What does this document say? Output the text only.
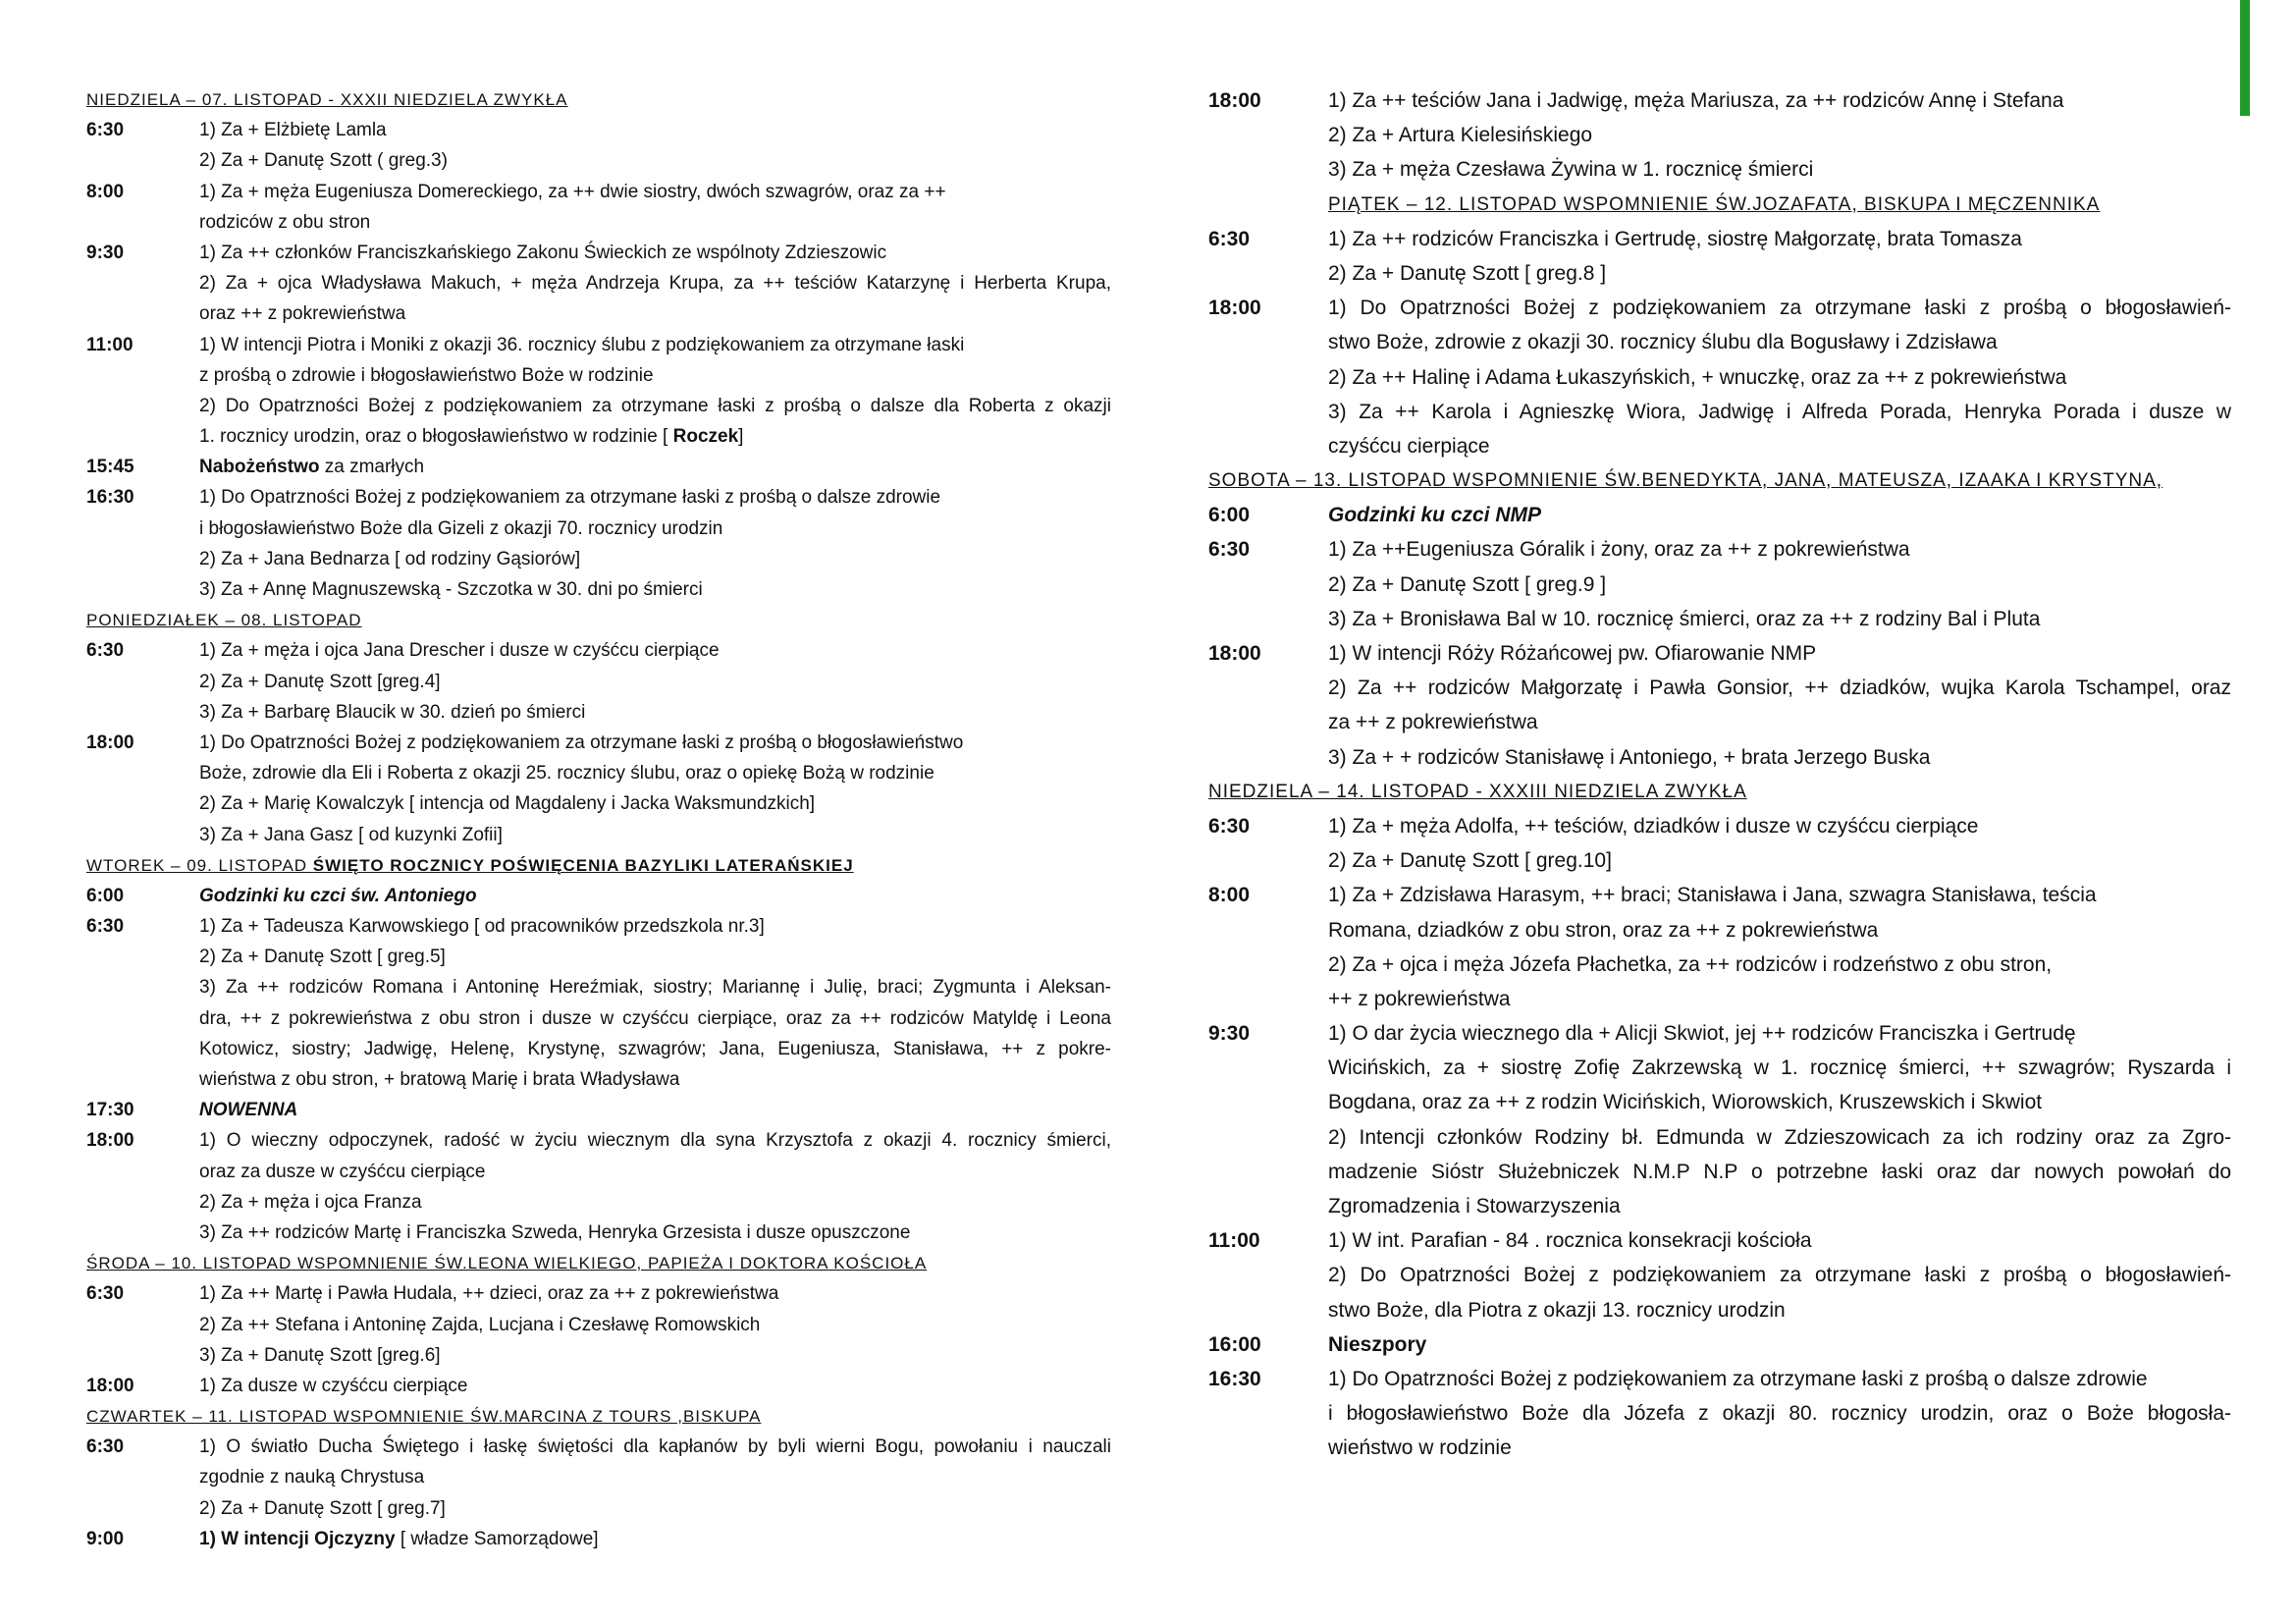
NIEDZIELA – 07. LISTOPAD - XXXII NIEDZIELA ZWYKŁA
6:30	1) Za + Elżbietę Lamla
2) Za + Danutę Szott ( greg.3)
8:00	1) Za + męża Eugeniusza Domereckiego, za ++ dwie siostry, dwóch szwagrów, oraz za ++
rodziców z obu stron
9:30	1) Za ++ członków Franciszkańskiego Zakonu Świeckich ze wspólnoty Zdzieszowic
2) Za + ojca Władysława Makuch, + męża Andrzeja Krupa, za ++ teściów Katarzynę i Herberta Krupa,
oraz ++ z pokrewieństwa
11:00	1) W intencji Piotra i Moniki z okazji 36. rocznicy ślubu z podziękowaniem za otrzymane łaski
z prośbą o zdrowie i błogosławieństwo Boże w rodzinie
2) Do Opatrzności Bożej z podziękowaniem za otrzymane łaski z prośbą o dalsze dla Roberta z okazji
1. rocznicy urodzin, oraz o błogosławieństwo w rodzinie [ Roczek]
15:45	Nabożeństwo za zmarłych
16:30	1) Do Opatrzności Bożej z podziękowaniem za otrzymane łaski z prośbą o dalsze zdrowie
i błogosławieństwo Boże dla Gizeli z okazji 70. rocznicy urodzin
2) Za + Jana Bednarza [ od rodziny Gąsiorów]
3) Za + Annę Magnuszewską - Szczotka w 30. dni po śmierci
PONIEDZIAŁEK – 08. LISTOPAD
6:30	1) Za + męża i ojca Jana Drescher i dusze w czyśćcu cierpiące
2) Za + Danutę Szott [greg.4]
3) Za + Barbarę Blaucik w 30. dzień po śmierci
18:00	1) Do Opatrzności Bożej z podziękowaniem za otrzymane łaski z prośbą o błogosławieństwo
Boże, zdrowie dla Eli i Roberta z okazji 25. rocznicy ślubu, oraz o opiekę Bożą w rodzinie
2) Za + Marię Kowalczyk [ intencja od Magdaleny i Jacka Waksmundzkich]
3) Za + Jana Gasz [ od kuzynki Zofii]
WTOREK – 09. LISTOPAD ŚWIĘTO ROCZNICY POŚWIĘCENIA BAZYLIKI LATERAŃSKIEJ
6:00	Godzinki ku czci św. Antoniego
6:30	1) Za + Tadeusza Karwowskiego [ od pracowników przedszkola nr.3]
2) Za + Danutę Szott [ greg.5]
3) Za ++ rodziców Romana i Antoninę Hereźmiak, siostry; Mariannę i Julię, braci; Zygmunta i Aleksan-
dra, ++ z pokrewieństwa z obu stron i dusze w czyśćcu cierpiące, oraz za ++ rodziców Matyldę i Leona
Kotowicz, siostry; Jadwigę, Helenę, Krystynę, szwagrów; Jana, Eugeniusza, Stanisława, ++ z pokre-
wieństwa z obu stron, + bratową Marię i brata Władysława
17:30	NOWENNA
18:00	1) O wieczny odpoczynek, radość w życiu wiecznym dla syna Krzysztofa z okazji 4. rocznicy śmierci,
oraz za dusze w czyśćcu cierpiące
2) Za + męża i ojca Franza
3) Za ++ rodziców Martę i Franciszka Szweda, Henryka Grzesista i dusze opuszczone
ŚRODA – 10. LISTOPAD WSPOMNIENIE ŚW.LEONA WIELKIEGO, PAPIEŻA I DOKTORA KOŚCIOŁA
6:30	1) Za ++ Martę i Pawła Hudala, ++ dzieci, oraz za ++ z pokrewieństwa
2) Za ++ Stefana i Antoninę Zajda, Lucjana i Czesławę Romowskich
3) Za + Danutę Szott [greg.6]
18:00	1) Za dusze w czyśćcu cierpiące
CZWARTEK – 11. LISTOPAD WSPOMNIENIE ŚW.MARCINA Z TOURS ,BISKUPA
6:30	1) O światło Ducha Świętego i łaskę świętości dla kapłanów by byli wierni Bogu, powołaniu i nauczali
zgodnie z nauką Chrystusa
2) Za + Danutę Szott [ greg.7]
9:00	1) W intencji Ojczyzny [ władze Samorządowe]
18:00	1) Za ++ teściów Jana i Jadwigę, męża Mariusza, za ++ rodziców Annę i Stefana
2) Za + Artura Kielesińskiego
3) Za + męża Czesława Żywina w 1. rocznicę śmierci
PIĄTEK – 12. LISTOPAD WSPOMNIENIE ŚW.JOZAFATA, BISKUPA I MĘCZENNIKA
6:30	1) Za ++ rodziców Franciszka i Gertrudę, siostrę Małgorzatę, brata Tomasza
2) Za + Danutę Szott [ greg.8 ]
18:00	1) Do Opatrzności Bożej z podziękowaniem za otrzymane łaski z prośbą o błogosławień-
stwo Boże, zdrowie z okazji 30. rocznicy ślubu dla Bogusławy i Zdzisława
2) Za ++ Halinę i Adama Łukaszyńskich, + wnuczkę, oraz za ++ z pokrewieństwa
3) Za ++ Karola i Agnieszkę Wiora, Jadwigę i Alfreda Porada, Henryka Porada i dusze w
czyśćcu cierpiące
SOBOTA – 13. LISTOPAD WSPOMNIENIE ŚW.BENEDYKTA, JANA, MATEUSZA, IZAAKA I KRYSTYNA,
6:00	Godzinki ku czci NMP
6:30	1) Za ++Eugeniusza Góralik i żony, oraz za ++ z pokrewieństwa
2) Za + Danutę Szott [ greg.9 ]
3) Za + Bronisława Bal w 10. rocznicę śmierci, oraz za ++ z rodziny Bal i Pluta
18:00	1) W intencji Róży Różańcowej pw. Ofiarowanie NMP
2) Za ++ rodziców Małgorzatę i Pawła Gonsior, ++ dziadków, wujka Karola Tschampel, oraz
za ++ z pokrewieństwa
3) Za + + rodziców Stanisławę i Antoniego, + brata Jerzego Buska
NIEDZIELA – 14. LISTOPAD - XXXIII NIEDZIELA ZWYKŁA
6:30	1) Za + męża Adolfa, ++ teściów, dziadków i dusze w czyśćcu cierpiące
2) Za + Danutę Szott [ greg.10]
8:00	1) Za + Zdzisława Harasym, ++ braci; Stanisława i Jana, szwagra Stanisława, teścia
Romana, dziadków z obu stron, oraz za ++ z pokrewieństwa
2) Za + ojca i męża Józefa Płachetka, za ++ rodziców i rodzeństwo z obu stron,
++ z pokrewieństwa
9:30	1) O dar życia wiecznego dla + Alicji Skwiot, jej ++ rodziców Franciszka i Gertrudę
Wicińskich, za + siostrę Zofię Zakrzewską w 1. rocznicę śmierci, ++ szwagrów; Ryszarda i
Bogdana, oraz za ++ z rodzin Wicińskich, Wiorowskich, Kruszewskich i Skwiot
2) Intencji członków Rodziny bł. Edmunda w Zdzieszowicach za ich rodziny oraz za Zgro-
madzenie Sióstr Służebniczek N.M.P N.P o potrzebne łaski oraz dar nowych powołań do
Zgromadzenia i Stowarzyszenia
11:00	1) W int. Parafian - 84 . rocznica konsekracji kościoła
2) Do Opatrzności Bożej z podziękowaniem za otrzymane łaski z prośbą o błogosławień-
stwo Boże, dla Piotra z okazji 13. rocznicy urodzin
16:00	Nieszpory
16:30	1) Do Opatrzności Bożej z podziękowaniem za otrzymane łaski z prośbą o dalsze zdrowie
i błogosławieństwo Boże dla Józefa z okazji 80. rocznicy urodzin, oraz o Boże błogosła-
wieństwo w rodzinie
